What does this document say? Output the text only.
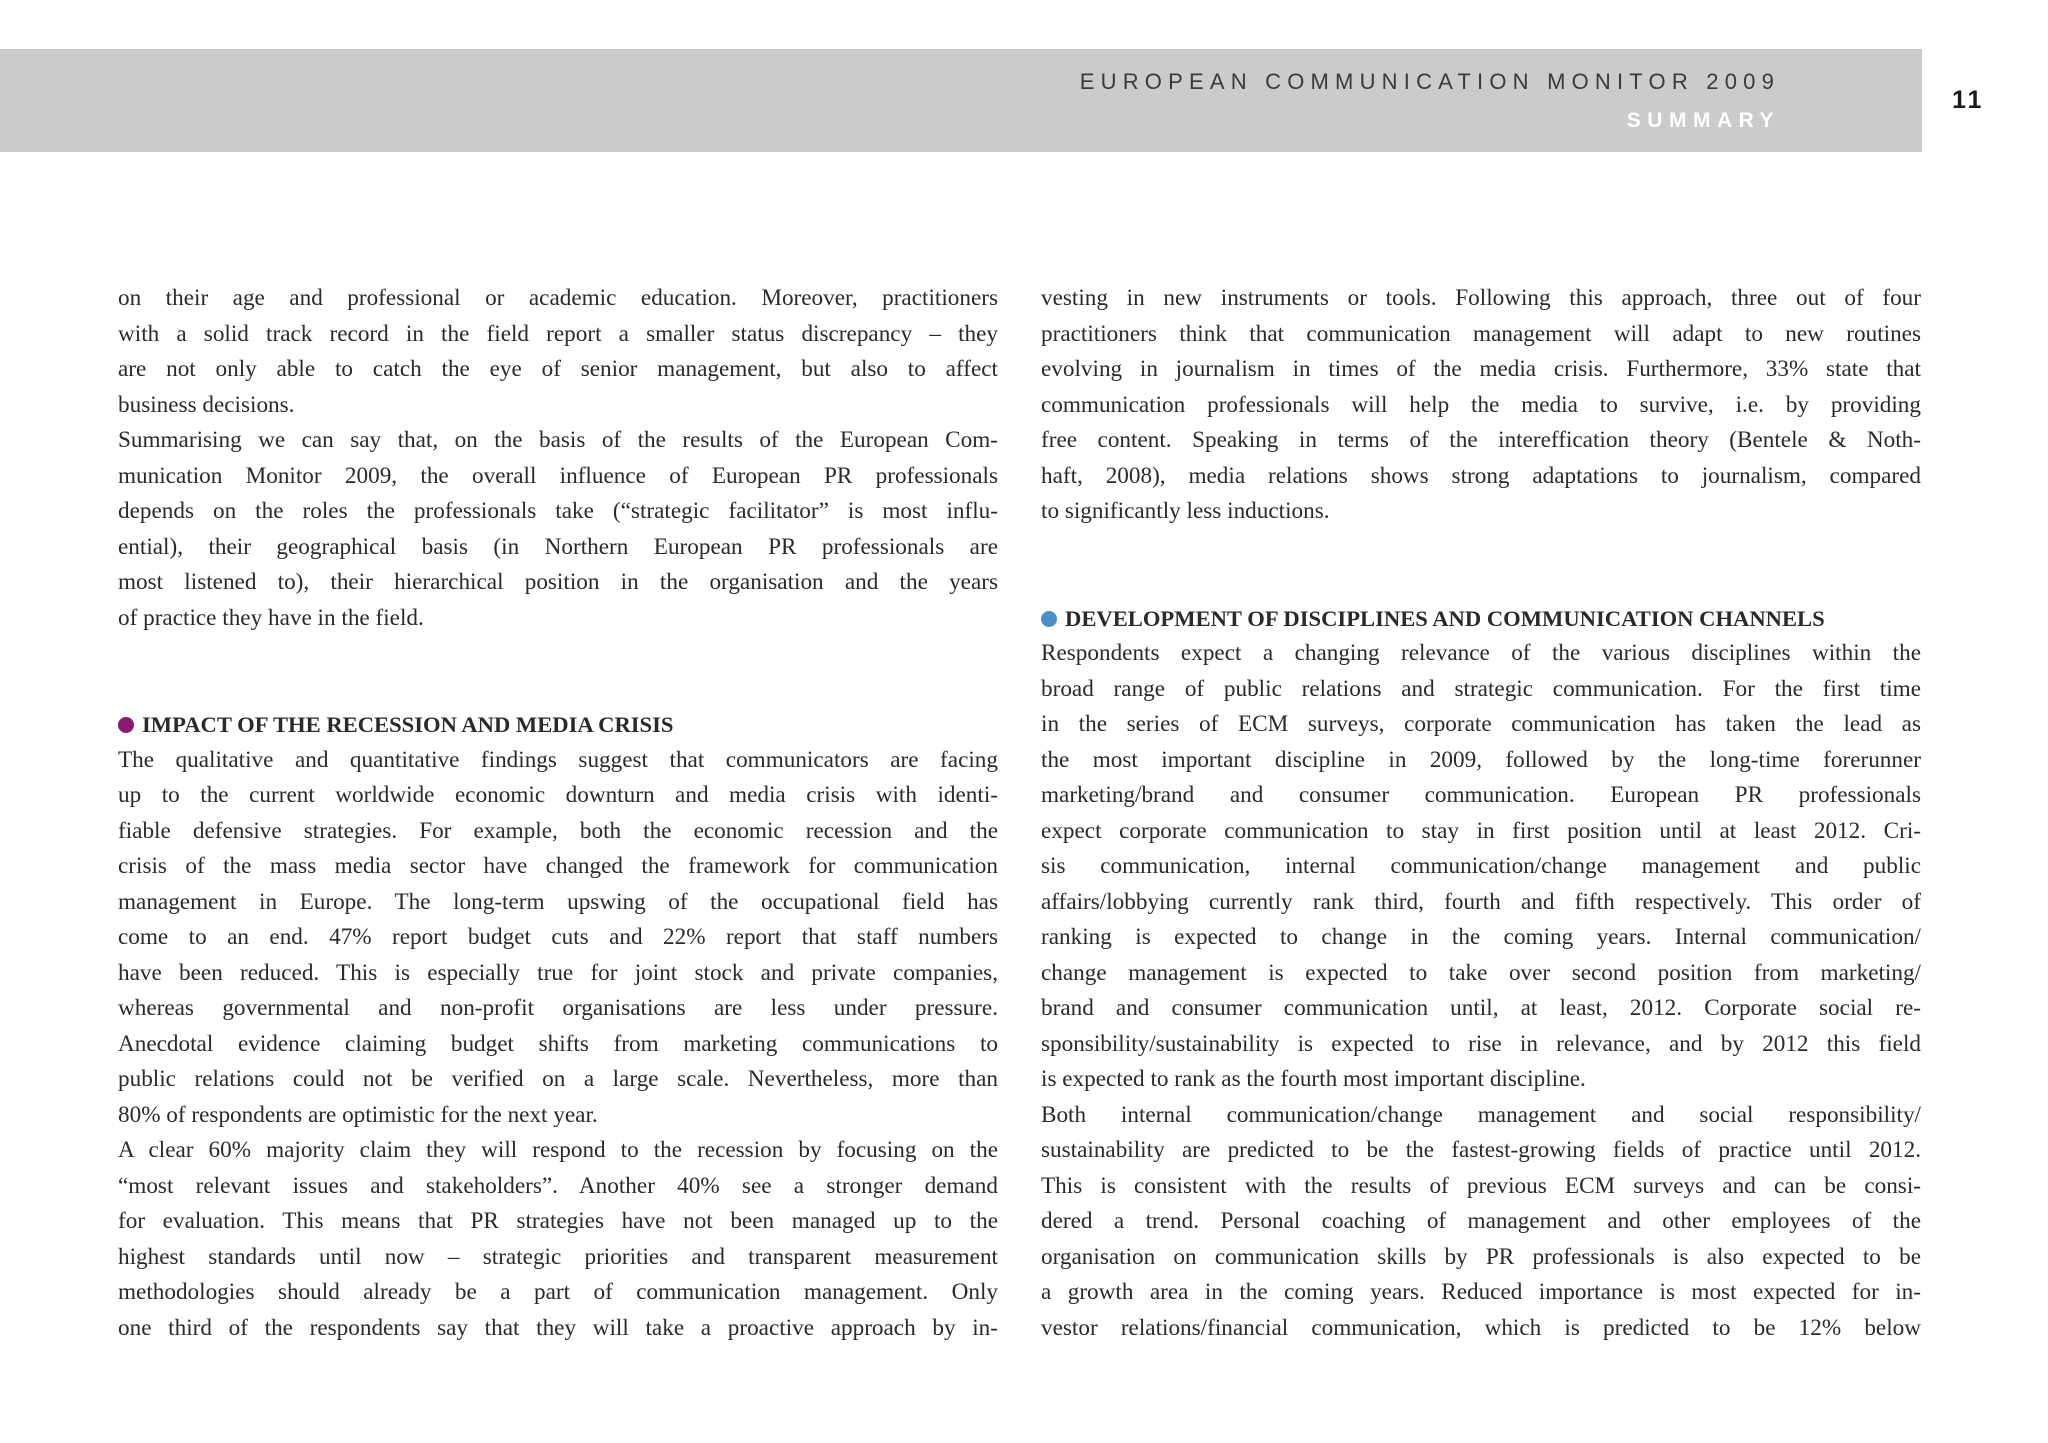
EUROPEAN COMMUNICATION MONITOR 2009
SUMMARY
11
on their age and professional or academic education. Moreover, practitioners
with a solid track record in the field report a smaller status discrepancy – they
are not only able to catch the eye of senior management, but also to affect
business decisions.
Summarising we can say that, on the basis of the results of the European Com-
munication Monitor 2009, the overall influence of European PR professionals
depends on the roles the professionals take (“strategic facilitator” is most influ-
ential), their geographical basis (in Northern European PR professionals are
most listened to), their hierarchical position in the organisation and the years
of practice they have in the field.
IMPACT OF THE RECESSION AND MEDIA CRISIS
The qualitative and quantitative findings suggest that communicators are facing
up to the current worldwide economic downturn and media crisis with identi-
fiable defensive strategies. For example, both the economic recession and the
crisis of the mass media sector have changed the framework for communication
management in Europe. The long-term upswing of the occupational field has
come to an end. 47% report budget cuts and 22% report that staff numbers
have been reduced. This is especially true for joint stock and private companies,
whereas governmental and non-profit organisations are less under pressure.
Anecdotal evidence claiming budget shifts from marketing communications to
public relations could not be verified on a large scale. Nevertheless, more than
80% of respondents are optimistic for the next year.
A clear 60% majority claim they will respond to the recession by focusing on the
“most relevant issues and stakeholders”. Another 40% see a stronger demand
for evaluation. This means that PR strategies have not been managed up to the
highest standards until now – strategic priorities and transparent measurement
methodologies should already be a part of communication management. Only
one third of the respondents say that they will take a proactive approach by in-
vesting in new instruments or tools. Following this approach, three out of four
practitioners think that communication management will adapt to new routines
evolving in journalism in times of the media crisis. Furthermore, 33% state that
communication professionals will help the media to survive, i.e. by providing
free content. Speaking in terms of the intereffication theory (Bentele & Noth-
haft, 2008), media relations shows strong adaptations to journalism, compared
to significantly less inductions.
DEVELOPMENT OF DISCIPLINES AND COMMUNICATION CHANNELS
Respondents expect a changing relevance of the various disciplines within the
broad range of public relations and strategic communication. For the first time
in the series of ECM surveys, corporate communication has taken the lead as
the most important discipline in 2009, followed by the long-time forerunner
marketing/brand and consumer communication. European PR professionals
expect corporate communication to stay in first position until at least 2012. Cri-
sis communication, internal communication/change management and public
affairs/lobbying currently rank third, fourth and fifth respectively. This order of
ranking is expected to change in the coming years. Internal communication/
change management is expected to take over second position from marketing/
brand and consumer communication until, at least, 2012. Corporate social re-
sponsibility/sustainability is expected to rise in relevance, and by 2012 this field
is expected to rank as the fourth most important discipline.
Both internal communication/change management and social responsibility/
sustainability are predicted to be the fastest-growing fields of practice until 2012.
This is consistent with the results of previous ECM surveys and can be consi-
dered a trend. Personal coaching of management and other employees of the
organisation on communication skills by PR professionals is also expected to be
a growth area in the coming years. Reduced importance is most expected for in-
vestor relations/financial communication, which is predicted to be 12% below
